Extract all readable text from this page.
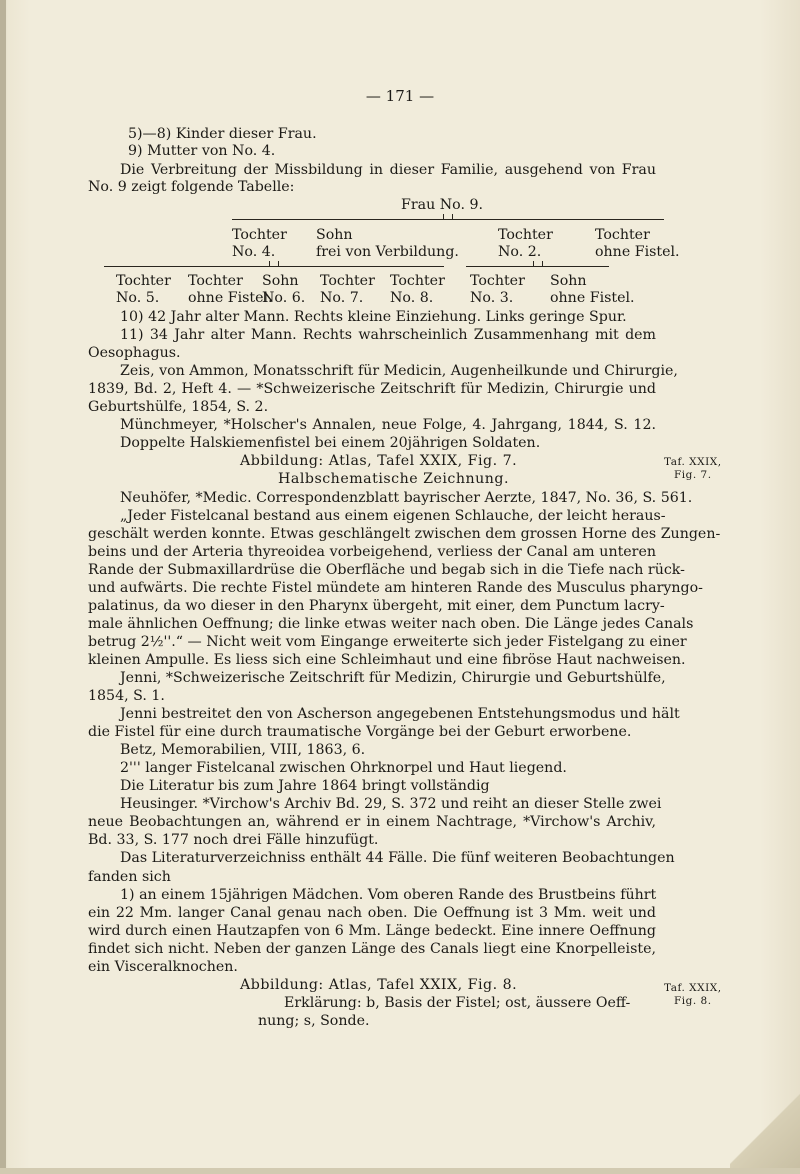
— 171 —
5)—8) Kinder dieser Frau.
9) Mutter von No. 4.
Die Verbreitung der Missbildung in dieser Familie, ausgehend von Frau
No. 9 zeigt folgende Tabelle:
Frau No. 9.
Tochter
No. 4.
Sohn
frei von Verbildung.
Tochter
No. 2.
Tochter
ohne Fistel.
Tochter
No. 5.
Tochter
ohne Fistel.
Sohn
No. 6.
Tochter
No. 7.
Tochter
No. 8.
Tochter
No. 3.
Sohn
ohne Fistel.
10) 42 Jahr alter Mann. Rechts kleine Einziehung. Links geringe Spur.
11) 34 Jahr alter Mann. Rechts wahrscheinlich Zusammenhang mit dem
Oesophagus.
Zeis, von Ammon, Monatsschrift für Medicin, Augenheilkunde und Chirurgie,
1839, Bd. 2, Heft 4. — *Schweizerische Zeitschrift für Medizin, Chirurgie und
Geburtshülfe, 1854, S. 2.
Münchmeyer, *Holscher's Annalen, neue Folge, 4. Jahrgang, 1844, S. 12.
Doppelte Halskiemenfistel bei einem 20jährigen Soldaten.
Abbildung: Atlas, Tafel XXIX, Fig. 7.
Halbschematische Zeichnung.
Neuhöfer, *Medic. Correspondenzblatt bayrischer Aerzte, 1847, No. 36, S. 561.
„Jeder Fistelcanal bestand aus einem eigenen Schlauche, der leicht heraus-
geschält werden konnte. Etwas geschlängelt zwischen dem grossen Horne des Zungen-
beins und der Arteria thyreoidea vorbeigehend, verliess der Canal am unteren
Rande der Submaxillardrüse die Oberfläche und begab sich in die Tiefe nach rück-
und aufwärts. Die rechte Fistel mündete am hinteren Rande des Musculus pharyngo-
palatinus, da wo dieser in den Pharynx übergeht, mit einer, dem Punctum lacry-
male ähnlichen Oeffnung; die linke etwas weiter nach oben. Die Länge jedes Canals
betrug 2½''.“ — Nicht weit vom Eingange erweiterte sich jeder Fistelgang zu einer
kleinen Ampulle. Es liess sich eine Schleimhaut und eine fibröse Haut nachweisen.
Jenni, *Schweizerische Zeitschrift für Medizin, Chirurgie und Geburtshülfe,
1854, S. 1.
Jenni bestreitet den von Ascherson angegebenen Entstehungsmodus und hält
die Fistel für eine durch traumatische Vorgänge bei der Geburt erworbene.
Betz, Memorabilien, VIII, 1863, 6.
2''' langer Fistelcanal zwischen Ohrknorpel und Haut liegend.
Die Literatur bis zum Jahre 1864 bringt vollständig
Heusinger. *Virchow's Archiv Bd. 29, S. 372 und reiht an dieser Stelle zwei
neue Beobachtungen an, während er in einem Nachtrage, *Virchow's Archiv,
Bd. 33, S. 177 noch drei Fälle hinzufügt.
Das Literaturverzeichniss enthält 44 Fälle. Die fünf weiteren Beobachtungen
fanden sich
1) an einem 15jährigen Mädchen. Vom oberen Rande des Brustbeins führt
ein 22 Mm. langer Canal genau nach oben. Die Oeffnung ist 3 Mm. weit und
wird durch einen Hautzapfen von 6 Mm. Länge bedeckt. Eine innere Oeffnung
findet sich nicht. Neben der ganzen Länge des Canals liegt eine Knorpelleiste,
ein Visceralknochen.
Abbildung: Atlas, Tafel XXIX, Fig. 8.
Erklärung: b, Basis der Fistel; ost, äussere Oeff-
nung; s, Sonde.
Taf. XXIX,
Fig. 7.
Taf. XXIX,
Fig. 8.
